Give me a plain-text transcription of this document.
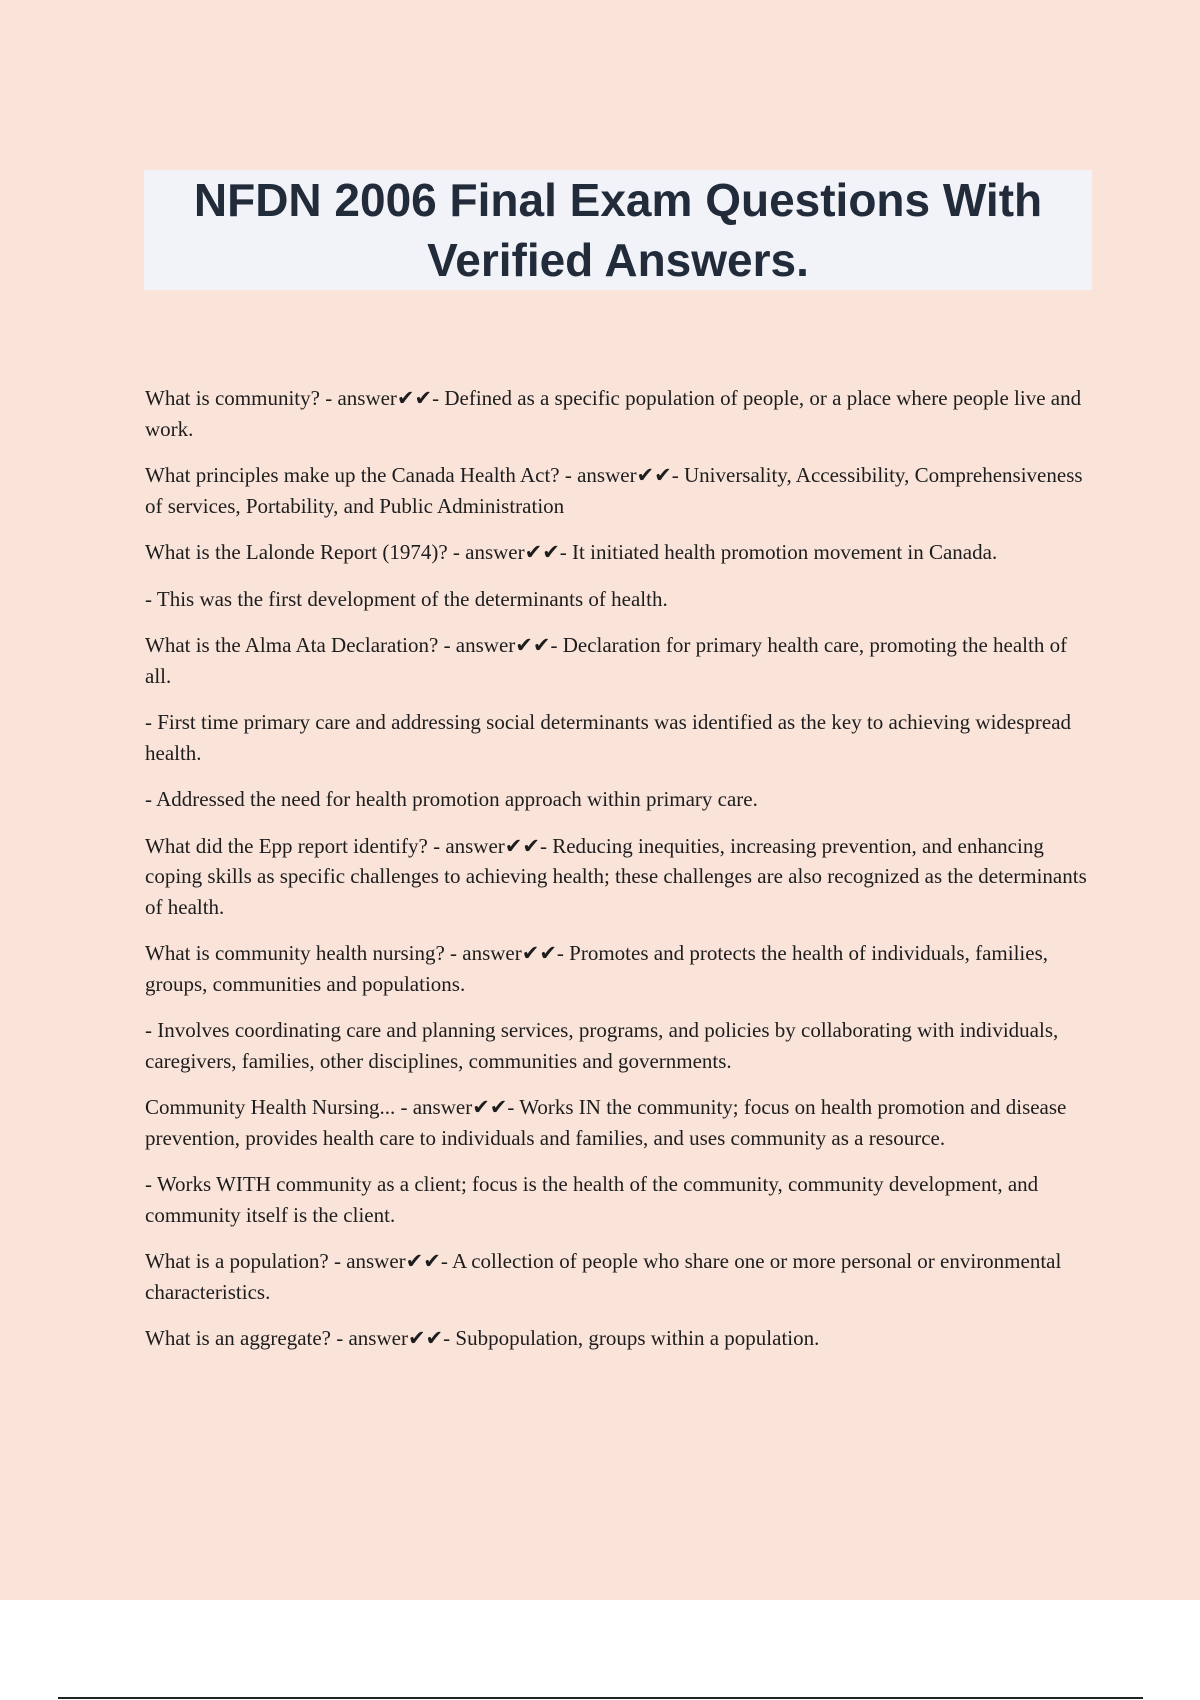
NFDN 2006 Final Exam Questions With Verified Answers.

What is community? - answer✔✔- Defined as a specific population of people, or a place where people live and work.

What principles make up the Canada Health Act? - answer✔✔- Universality, Accessibility, Comprehensiveness of services, Portability, and Public Administration

What is the Lalonde Report (1974)? - answer✔✔- It initiated health promotion movement in Canada.

- This was the first development of the determinants of health.

What is the Alma Ata Declaration? - answer✔✔- Declaration for primary health care, promoting the health of all.

- First time primary care and addressing social determinants was identified as the key to achieving widespread health.

- Addressed the need for health promotion approach within primary care.

What did the Epp report identify? - answer✔✔- Reducing inequities, increasing prevention, and enhancing coping skills as specific challenges to achieving health; these challenges are also recognized as the determinants of health.

What is community health nursing? - answer✔✔- Promotes and protects the health of individuals, families, groups, communities and populations.

- Involves coordinating care and planning services, programs, and policies by collaborating with individuals, caregivers, families, other disciplines, communities and governments.

Community Health Nursing... - answer✔✔- Works IN the community; focus on health promotion and disease prevention, provides health care to individuals and families, and uses community as a resource.

- Works WITH community as a client; focus is the health of the community, community development, and community itself is the client.

What is a population? - answer✔✔- A collection of people who share one or more personal or environmental characteristics.

What is an aggregate? - answer✔✔- Subpopulation, groups within a population.
